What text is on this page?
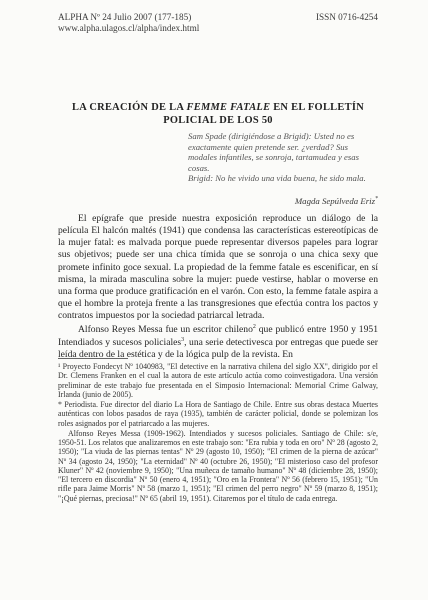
ALPHA Nº 24 Julio 2007 (177-185)	ISSN 0716-4254
www.alpha.ulagos.cl/alpha/index.html
LA CREACIÓN DE LA FEMME FATALE EN EL FOLLETÍN
POLICIAL DE LOS 50

Sam Spade (dirigiéndose a Brigid): Usted no es exactamente quien pretende ser. ¿verdad? Sus modales infantiles, se sonroja, tartamudea y esas cosas.

Brigid: No he vivido una vida buena, he sido mala.

Magda Sepúlveda Eriz*

El epígrafe que preside nuestra exposición reproduce un diálogo de la película El halcón maltés (1941) que condensa las características estereotípicas de la mujer fatal: es malvada porque puede representar diversos papeles para lograr sus objetivos; puede ser una chica tímida que se sonroja o una chica sexy que promete infinito goce sexual. La propiedad de la femme fatale es escenificar, en sí misma, la mirada masculina sobre la mujer: puede vestirse, hablar o moverse en una forma que produce gratificación en el varón. Con esto, la femme fatale aspira a que el hombre la proteja frente a las transgresiones que efectúa contra los pactos y contratos impuestos por la sociedad patriarcal letrada.

Alfonso Reyes Messa fue un escritor chileno$^2$ que publicó entre 1950 y 1951 Intendiados y sucesos policiales$^3$, una serie detectivesca por entregas que puede ser leída dentro de la estética y de la lógica pulp de la revista. En

¹ Proyecto Fondecyt Nº 1040983, "El detective en la narrativa chilena del siglo XX", dirigido por el Dr. Clemens Franken en el cual la autora de este artículo actúa como coinvestigadora. Una versión preliminar de este trabajo fue presentada en el Simposio Internacional: Memorial Crime Galway, Irlanda (junio de 2005).

* Periodista. Fue director del diario La Hora de Santiago de Chile. Entre sus obras destaca Muertes auténticas con lobos pasados de raya (1935), también de carácter policial, donde se polemizan los roles asignados por el patriarcado a las mujeres.

Alfonso Reyes Messa (1909-1962). Intendiados y sucesos policiales. Santiago de Chile: s/e, 1950-51. Los relatos que analizaremos en este trabajo son: "Era rubia y toda en oro" Nº 28 (agosto 2, 1950); "La viuda de las piernas tentas" Nº 29 (agosto 10, 1950); "El crimen de la pierna de azúcar" Nº 34 (agosto 24, 1950); "La eternidad" Nº 40 (octubre 26, 1950); "El misterioso caso del profesor Kluner" Nº 42 (noviembre 9, 1950); "Una muñeca de tamaño humano" Nº 48 (diciembre 28, 1950); "El tercero en discordia" Nº 50 (enero 4, 1951); "Oro en la Frontera" Nº 56 (febrero 15, 1951); "Un rifle para Jaime Morris" Nº 58 (marzo 1, 1951); "El crimen del perro negro" Nº 59 (marzo 8, 1951); "¡Qué piernas, preciosa!" Nº 65 (abril 19, 1951). Citaremos por el título de cada entrega.
